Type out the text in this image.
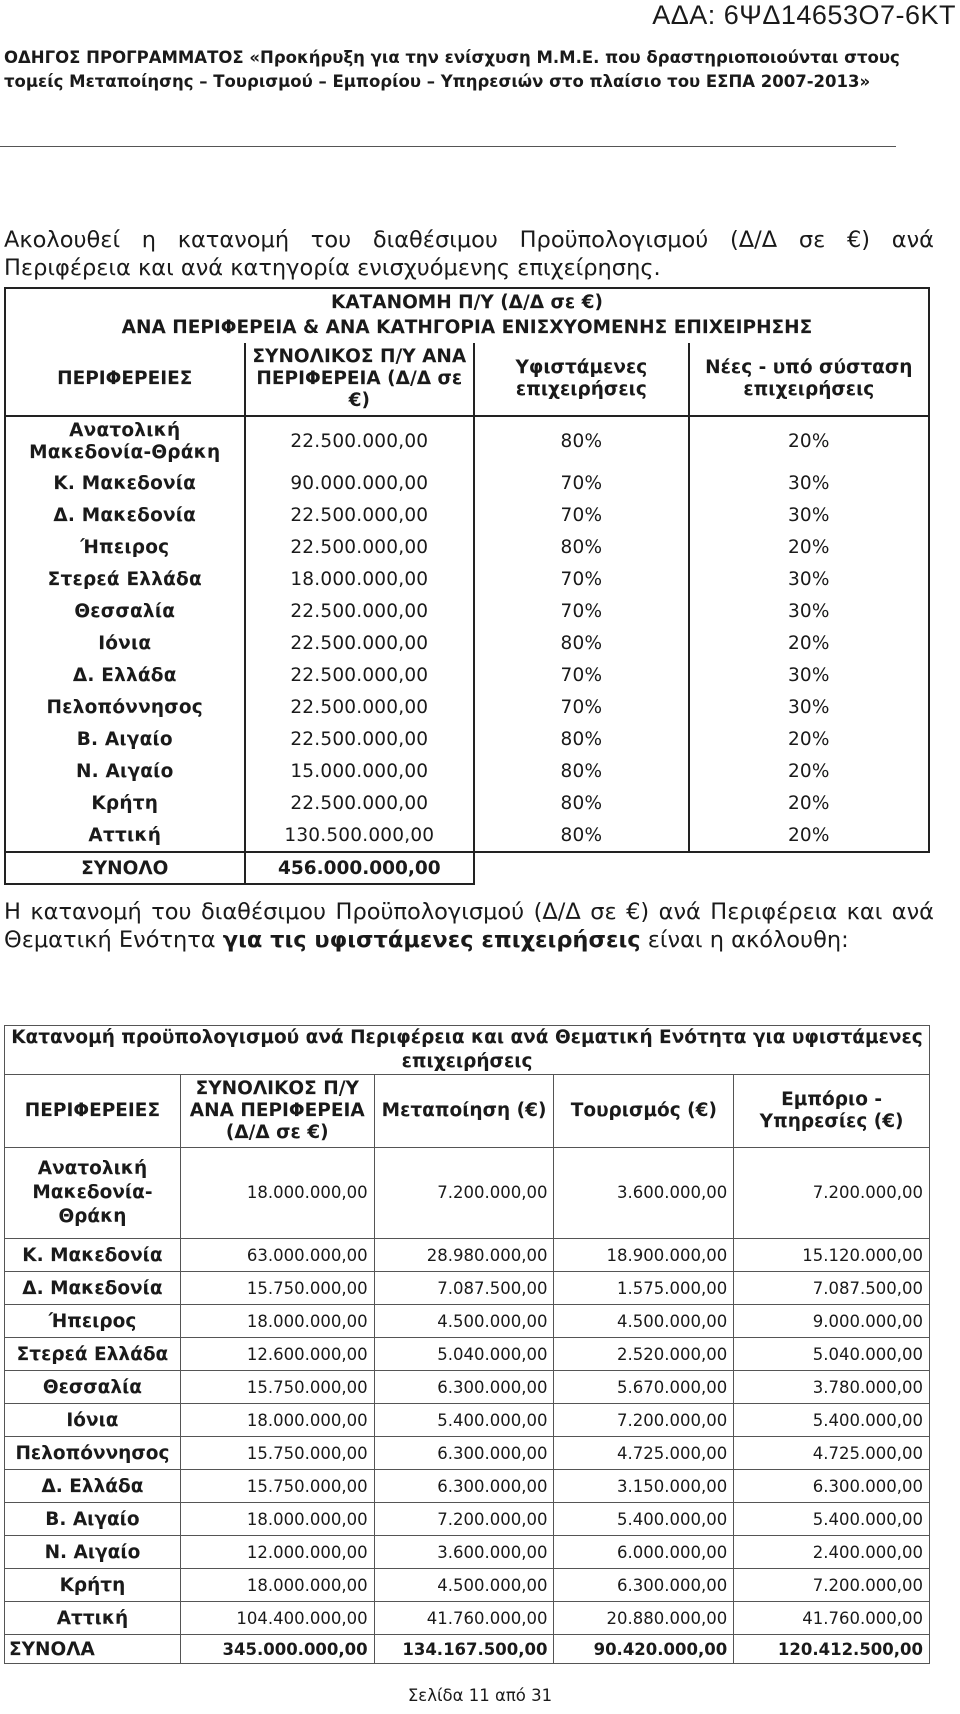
ΑΔΑ: 6ΨΔ14653Ο7-6ΚΤ
ΟΔΗΓΟΣ ΠΡΟΓΡΑΜΜΑΤΟΣ «Προκήρυξη για την ενίσχυση Μ.Μ.Ε. που δραστηριοποιούνται στους τομείς Μεταποίησης – Τουρισμού – Εμπορίου – Υπηρεσιών στο πλαίσιο του ΕΣΠΑ 2007-2013»
Ακολουθεί η κατανομή του διαθέσιμου Προϋπολογισμού (Δ/Δ σε €) ανά Περιφέρεια και ανά κατηγορία ενισχυόμενης επιχείρησης.
ΚΑΤΑΝΟΜΗ Π/Υ (Δ/Δ σε €)			
ΑΝΑ ΠΕΡΙΦΕΡΕΙΑ & ΑΝΑ ΚΑΤΗΓΟΡΙΑ ΕΝΙΣΧΥΟΜΕΝΗΣ ΕΠΙΧΕΙΡΗΣΗΣ			
ΠΕΡΙΦΕΡΕΙΕΣ	ΣΥΝΟΛΙΚΟΣ Π/Υ ΑΝΑ ΠΕΡΙΦΕΡΕΙΑ (Δ/Δ σε €)	Υφιστάμενες επιχειρήσεις	Νέες - υπό σύσταση επιχειρήσεις
Ανατολική Μακεδονία-Θράκη	22.500.000,00	80%	20%
Κ. Μακεδονία	90.000.000,00	70%	30%
Δ. Μακεδονία	22.500.000,00	70%	30%
Ήπειρος	22.500.000,00	80%	20%
Στερεά Ελλάδα	18.000.000,00	70%	30%
Θεσσαλία	22.500.000,00	70%	30%
Ιόνια	22.500.000,00	80%	20%
Δ. Ελλάδα	22.500.000,00	70%	30%
Πελοπόννησος	22.500.000,00	70%	30%
Β. Αιγαίο	22.500.000,00	80%	20%
Ν. Αιγαίο	15.000.000,00	80%	20%
Κρήτη	22.500.000,00	80%	20%
Αττική	130.500.000,00	80%	20%
ΣΥΝΟΛΟ	456.000.000,00		
Η κατανομή του διαθέσιμου Προϋπολογισμού (Δ/Δ σε €) ανά Περιφέρεια και ανά Θεματική Ενότητα για τις υφιστάμενες επιχειρήσεις είναι η ακόλουθη:
Κατανομή προϋπολογισμού ανά Περιφέρεια και ανά Θεματική Ενότητα για υφιστάμενες επιχειρήσεις				
ΠΕΡΙΦΕΡΕΙΕΣ	ΣΥΝΟΛΙΚΟΣ Π/Υ ΑΝΑ ΠΕΡΙΦΕΡΕΙΑ (Δ/Δ σε €)	Μεταποίηση (€)	Τουρισμός (€)	Εμπόριο - Υπηρεσίες (€)
Ανατολική Μακεδονία-Θράκη	18.000.000,00	7.200.000,00	3.600.000,00	7.200.000,00
Κ. Μακεδονία	63.000.000,00	28.980.000,00	18.900.000,00	15.120.000,00
Δ. Μακεδονία	15.750.000,00	7.087.500,00	1.575.000,00	7.087.500,00
Ήπειρος	18.000.000,00	4.500.000,00	4.500.000,00	9.000.000,00
Στερεά Ελλάδα	12.600.000,00	5.040.000,00	2.520.000,00	5.040.000,00
Θεσσαλία	15.750.000,00	6.300.000,00	5.670.000,00	3.780.000,00
Ιόνια	18.000.000,00	5.400.000,00	7.200.000,00	5.400.000,00
Πελοπόννησος	15.750.000,00	6.300.000,00	4.725.000,00	4.725.000,00
Δ. Ελλάδα	15.750.000,00	6.300.000,00	3.150.000,00	6.300.000,00
Β. Αιγαίο	18.000.000,00	7.200.000,00	5.400.000,00	5.400.000,00
Ν. Αιγαίο	12.000.000,00	3.600.000,00	6.000.000,00	2.400.000,00
Κρήτη	18.000.000,00	4.500.000,00	6.300.000,00	7.200.000,00
Αττική	104.400.000,00	41.760.000,00	20.880.000,00	41.760.000,00
ΣΥΝΟΛΑ	345.000.000,00	134.167.500,00	90.420.000,00	120.412.500,00
Σελίδα 11 από 31
